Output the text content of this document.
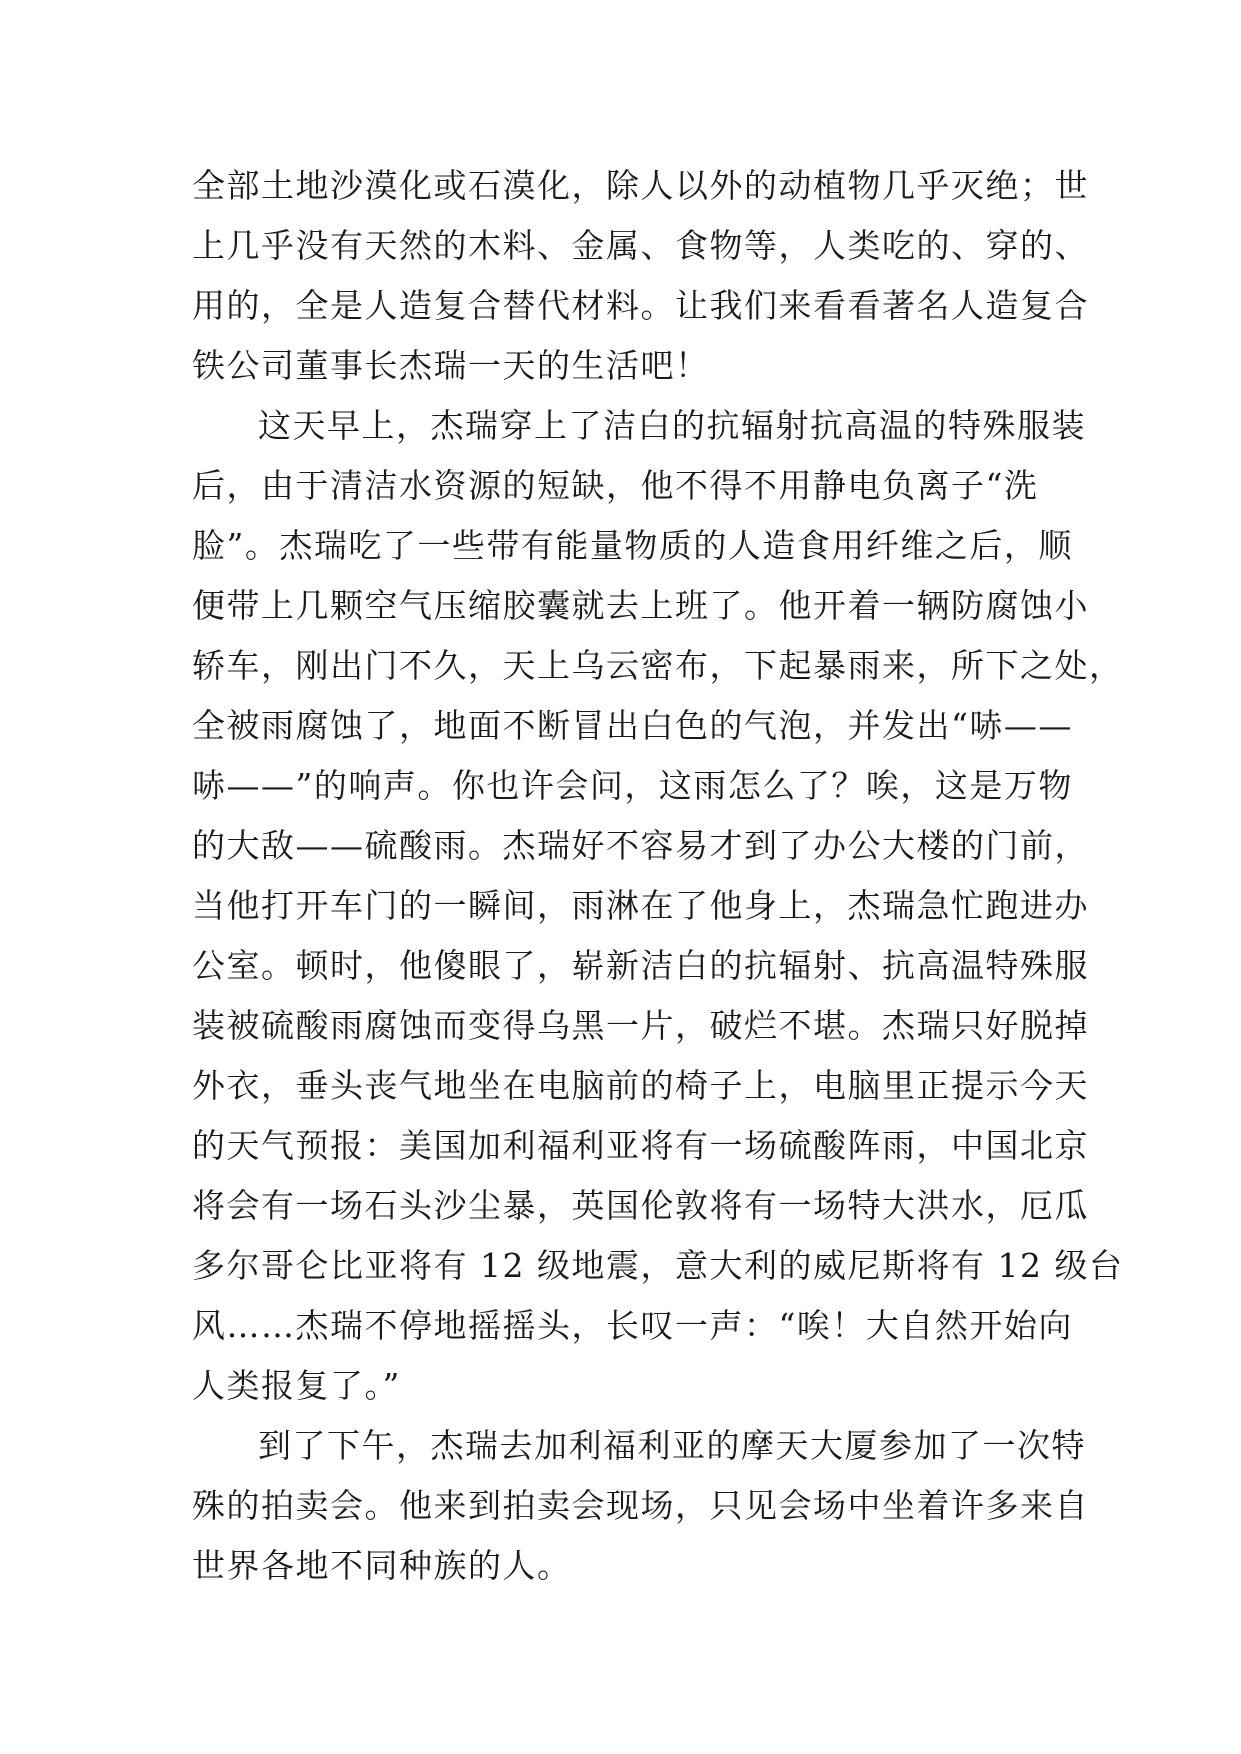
全部土地沙漠化或石漠化，除人以外的动植物几乎灭绝；世
上几乎没有天然的木料、金属、食物等，人类吃的、穿的、
用的，全是人造复合替代材料。让我们来看看著名人造复合
铁公司董事长杰瑞一天的生活吧！
这天早上，杰瑞穿上了洁白的抗辐射抗高温的特殊服装
后，由于清洁水资源的短缺，他不得不用静电负离子“洗
脸”。杰瑞吃了一些带有能量物质的人造食用纤维之后，顺
便带上几颗空气压缩胶囊就去上班了。他开着一辆防腐蚀小
轿车，刚出门不久，天上乌云密布，下起暴雨来，所下之处，
全被雨腐蚀了，地面不断冒出白色的气泡，并发出“哧——
哧——”的响声。你也许会问，这雨怎么了？唉，这是万物
的大敌——硫酸雨。杰瑞好不容易才到了办公大楼的门前，
当他打开车门的一瞬间，雨淋在了他身上，杰瑞急忙跑进办
公室。顿时，他傻眼了，崭新洁白的抗辐射、抗高温特殊服
装被硫酸雨腐蚀而变得乌黑一片，破烂不堪。杰瑞只好脱掉
外衣，垂头丧气地坐在电脑前的椅子上，电脑里正提示今天
的天气预报：美国加利福利亚将有一场硫酸阵雨，中国北京
将会有一场石头沙尘暴，英国伦敦将有一场特大洪水，厄瓜
多尔哥仑比亚将有 12 级地震，意大利的威尼斯将有 12 级台
风……杰瑞不停地摇摇头，长叹一声：“唉！大自然开始向
人类报复了。”
到了下午，杰瑞去加利福利亚的摩天大厦参加了一次特
殊的拍卖会。他来到拍卖会现场，只见会场中坐着许多来自
世界各地不同种族的人。
